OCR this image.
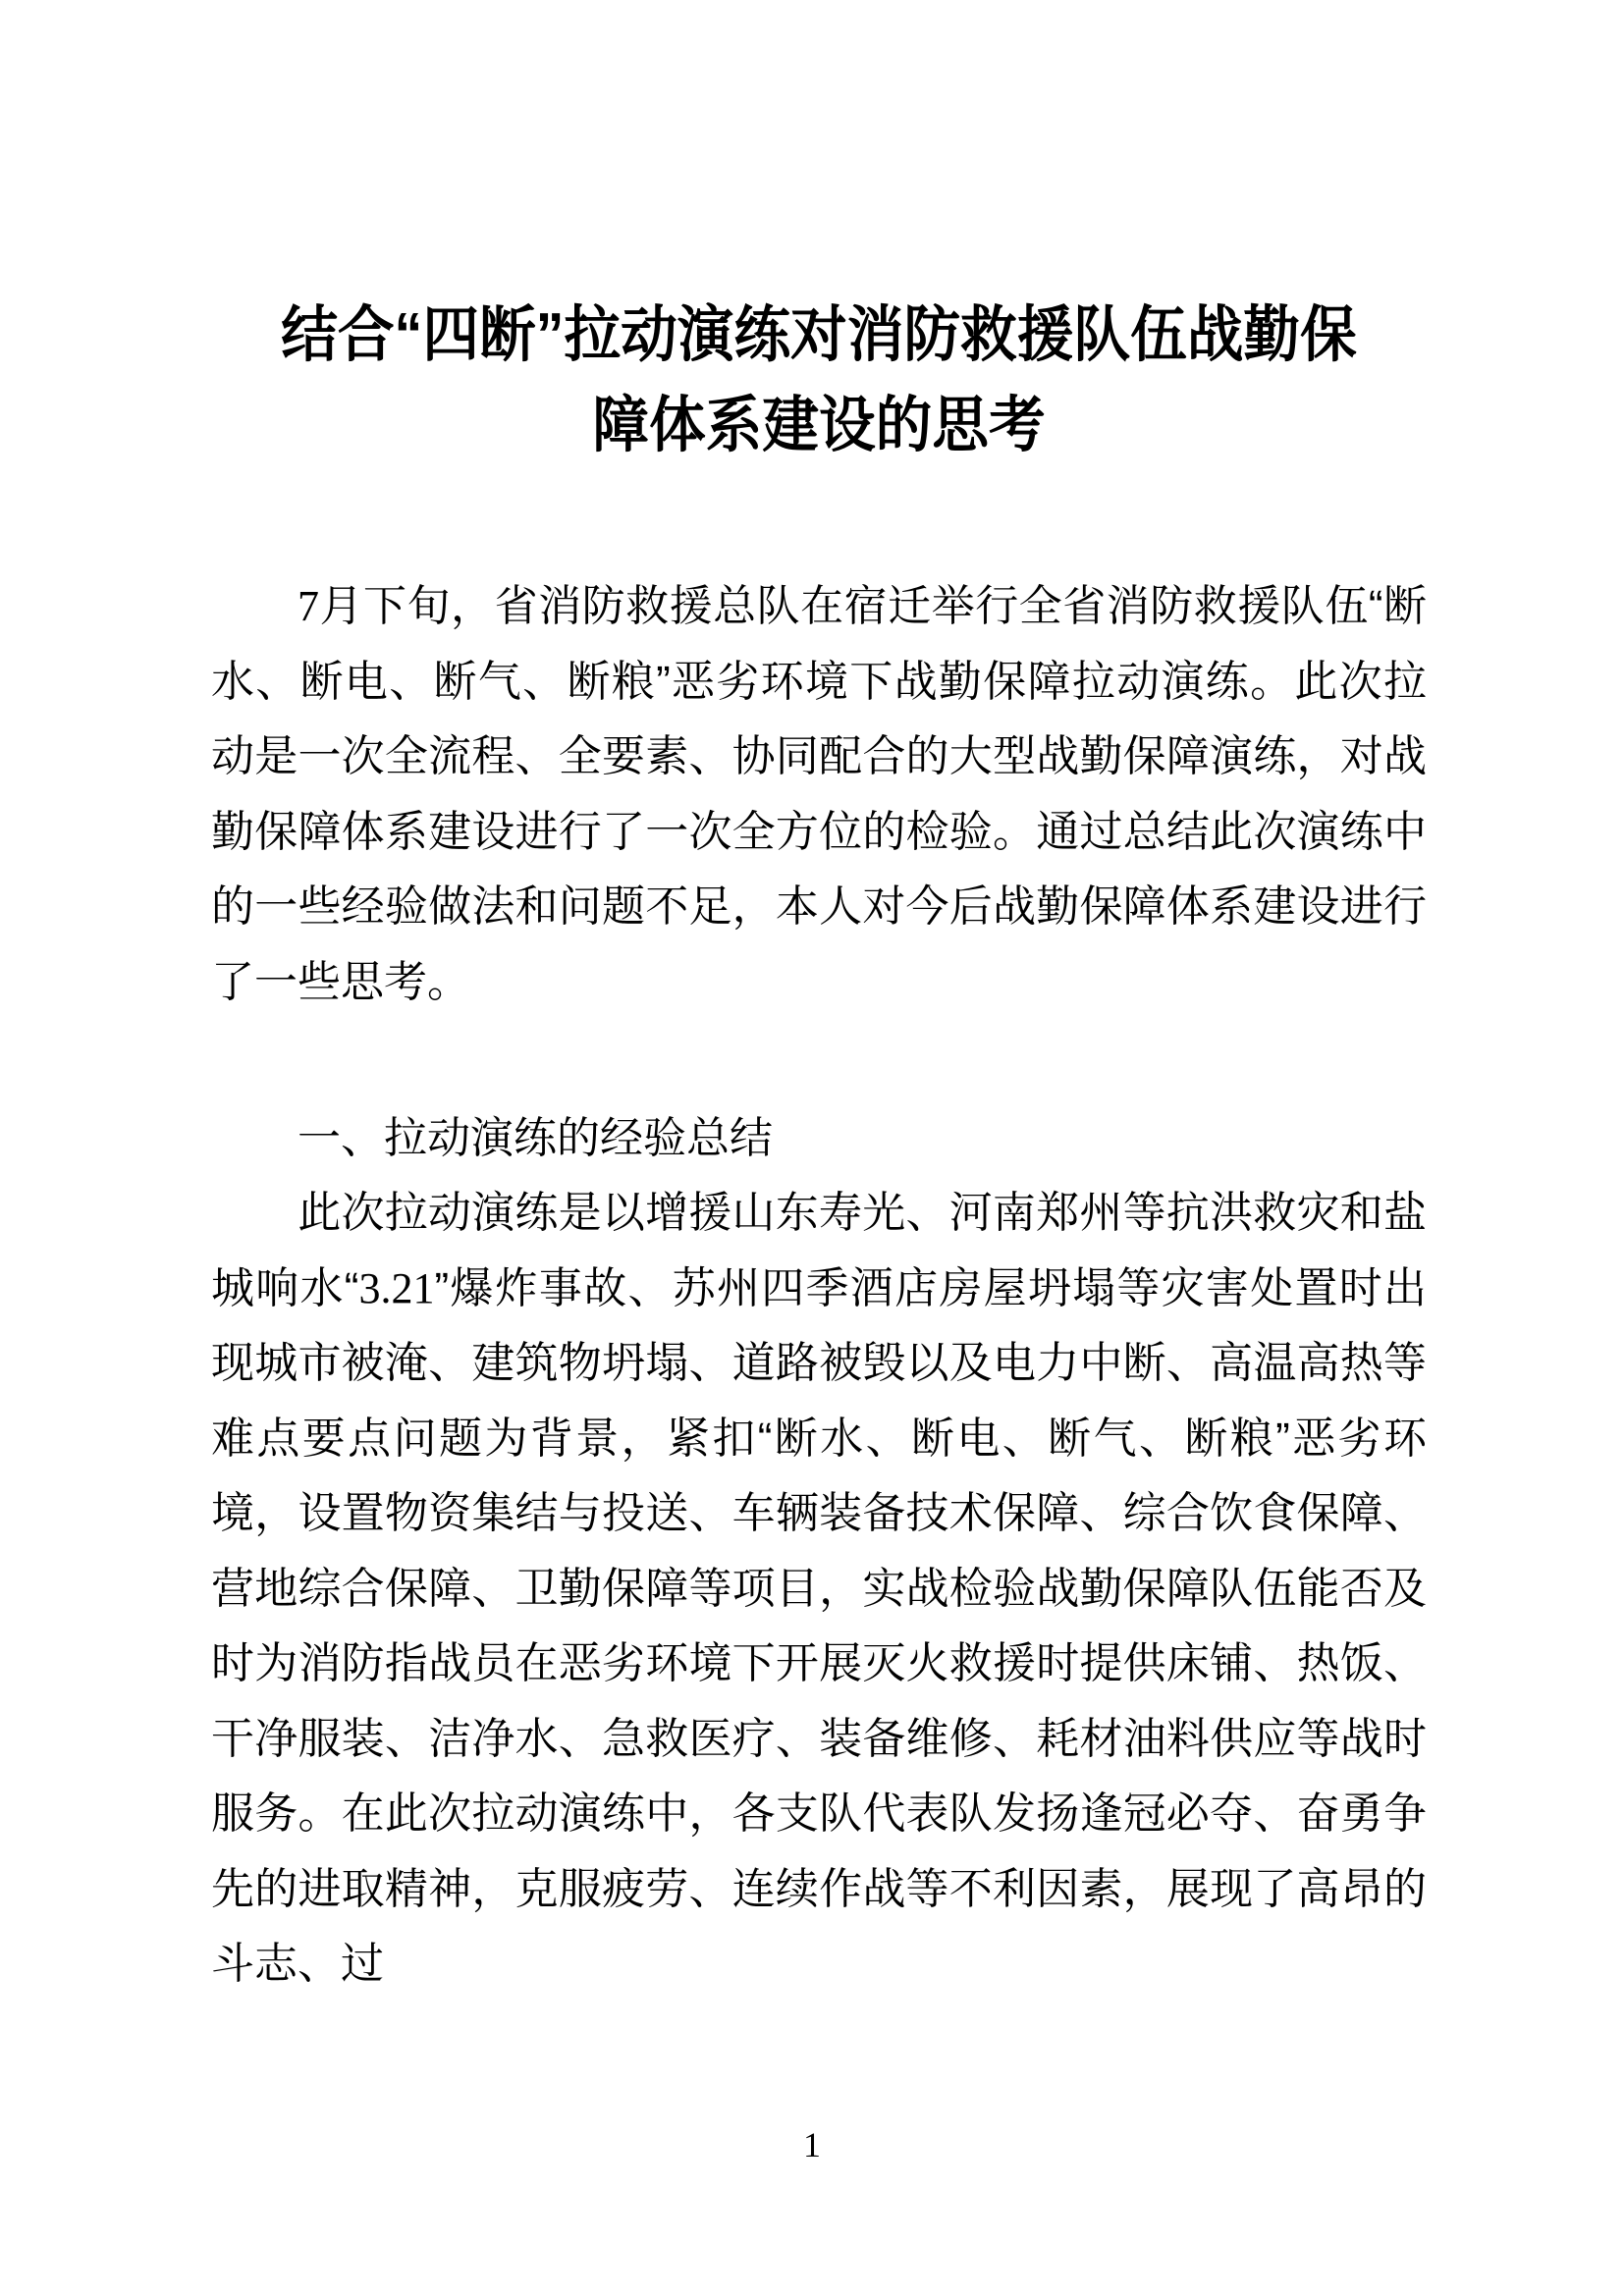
结合“四断”拉动演练对消防救援队伍战勤保
障体系建设的思考

7月下旬，省消防救援总队在宿迁举行全省消防救援队伍“断水、断电、断气、断粮”恶劣环境下战勤保障拉动演练。此次拉动是一次全流程、全要素、协同配合的大型战勤保障演练，对战勤保障体系建设进行了一次全方位的检验。通过总结此次演练中的一些经验做法和问题不足，本人对今后战勤保障体系建设进行了一些思考。

一、拉动演练的经验总结

此次拉动演练是以增援山东寿光、河南郑州等抗洪救灾和盐城响水“3.21”爆炸事故、苏州四季酒店房屋坍塌等灾害处置时出现城市被淹、建筑物坍塌、道路被毁以及电力中断、高温高热等难点要点问题为背景，紧扣“断水、断电、断气、断粮”恶劣环境，设置物资集结与投送、车辆装备技术保障、综合饮食保障、营地综合保障、卫勤保障等项目，实战检验战勤保障队伍能否及时为消防指战员在恶劣环境下开展灭火救援时提供床铺、热饭、干净服装、洁净水、急救医疗、装备维修、耗材油料供应等战时服务。在此次拉动演练中，各支队代表队发扬逢冠必夺、奋勇争先的进取精神，克服疲劳、连续作战等不利因素，展现了高昂的斗志、过

1
